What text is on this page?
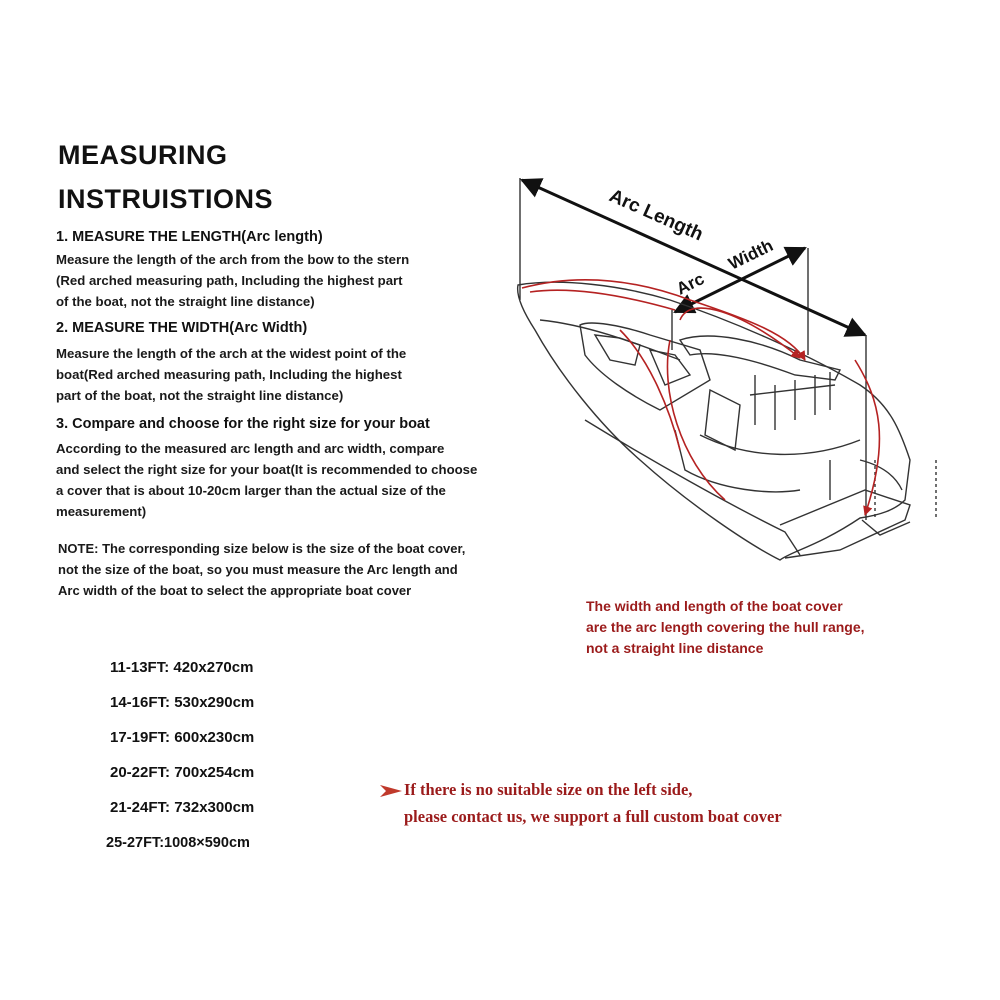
MEASURING
INSTRUISTIONS
1. MEASURE THE LENGTH(Arc length)
Measure the length of the arch from the bow to the stern
(Red arched measuring path, Including the highest part
of the boat, not the straight line distance)
2. MEASURE THE WIDTH(Arc Width)
Measure the length of the arch at the widest point of the
boat(Red arched measuring path, Including the highest
part of the boat, not the straight line distance)
3. Compare and choose for the right size for your boat
According to the measured arc length and arc width, compare
and select the right size for your boat(It is recommended to choose
a cover that is about 10-20cm larger than the actual size of the
measurement)
NOTE: The corresponding size below is the size of the boat cover,
not the size of the boat, so you must measure the Arc length and
Arc width of the boat to select the appropriate boat cover
11-13FT: 420x270cm
14-16FT: 530x290cm
17-19FT: 600x230cm
20-22FT: 700x254cm
21-24FT: 732x300cm
25-27FT:1008×590cm
Arc Length
Arc
Width
The width and length of the boat cover
are the arc length covering the hull range,
not a straight line distance
If there is no suitable size on the left side,
please contact us, we support a full custom boat cover
